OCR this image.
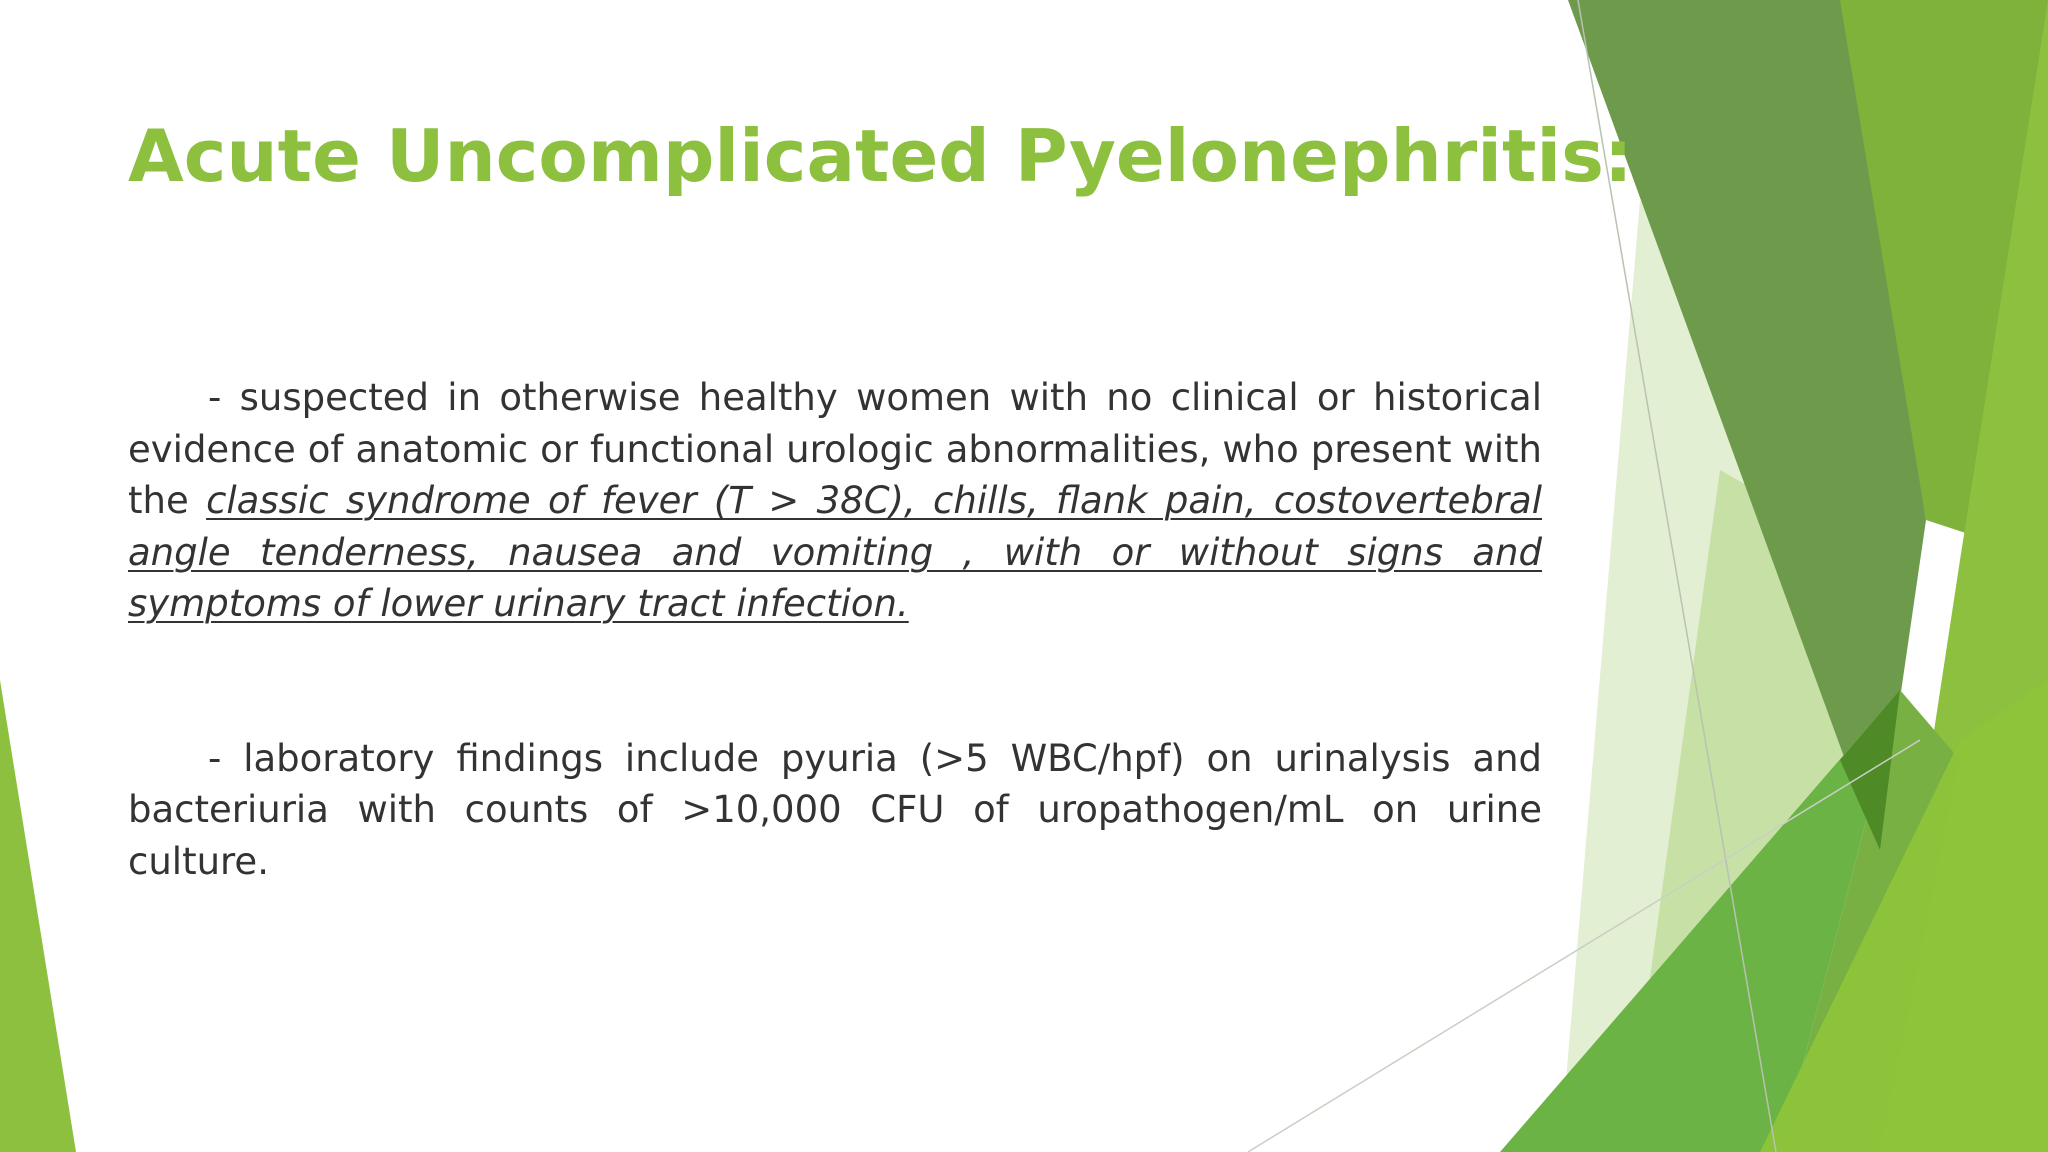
Acute Uncomplicated Pyelonephritis:

- suspected in otherwise healthy women with no clinical or historical evidence of anatomic or functional urologic abnormalities, who present with the classic syndrome of fever (T > 38C), chills, flank pain, costovertebral angle tenderness, nausea and vomiting , with or without signs and symptoms of lower urinary tract infection.

- laboratory findings include pyuria (>5 WBC/hpf) on urinalysis and bacteriuria with counts of >10,000 CFU of uropathogen/mL on urine culture.
